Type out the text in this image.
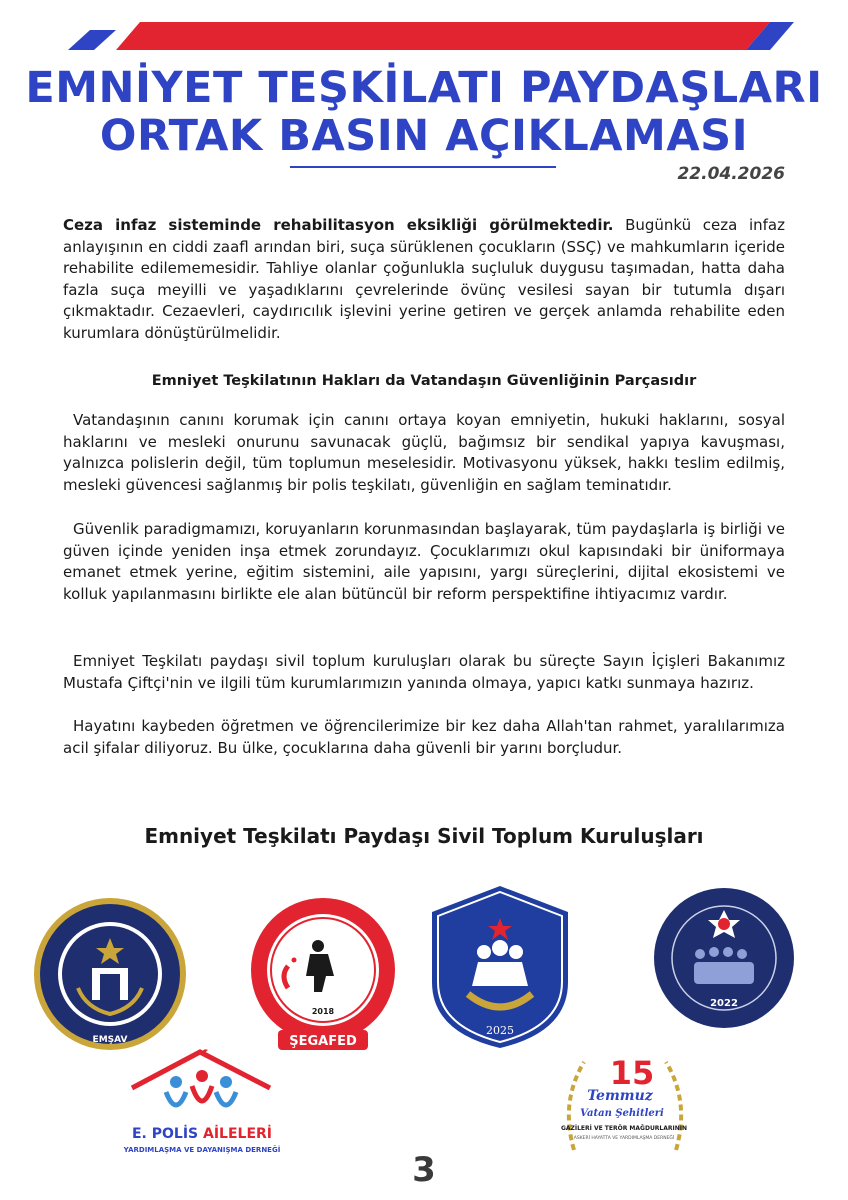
EMNİYET TEŞKİLATI PAYDAŞLARI
ORTAK BASIN AÇIKLAMASI
22.04.2026
Ceza infaz sisteminde rehabilitasyon eksikliği görülmektedir. Bugünkü ceza infaz anlayışının en ciddi zaafl arından biri, suça sürüklenen çocukların (SSÇ) ve mahkumların içeride rehabilite edilememesidir. Tahliye olanlar çoğunlukla suçluluk duygusu taşımadan, hatta daha fazla suça meyilli ve yaşadıklarını çevrelerinde övünç vesilesi sayan bir tutumla dışarı çıkmaktadır. Cezaevleri, caydırıcılık işlevini yerine getiren ve gerçek anlamda rehabilite eden kurumlara dönüştürülmelidir.
Emniyet Teşkilatının Hakları da Vatandaşın Güvenliğinin Parçasıdır
Vatandaşının canını korumak için canını ortaya koyan emniyetin, hukuki haklarını, sosyal haklarını ve mesleki onurunu savunacak güçlü, bağımsız bir sendikal yapıya kavuşması, yalnızca polislerin değil, tüm toplumun meselesidir. Motivasyonu yüksek, hakkı teslim edilmiş, mesleki güvencesi sağlanmış bir polis teşkilatı, güvenliğin en sağlam teminatıdır.
Güvenlik paradigmamızı, koruyanların korunmasından başlayarak, tüm paydaşlarla iş birliği ve güven içinde yeniden inşa etmek zorundayız. Çocuklarımızı okul kapısındaki bir üniformaya emanet etmek yerine, eğitim sistemini, aile yapısını, yargı süreçlerini, dijital ekosistemi ve kolluk yapılanmasını birlikte ele alan bütüncül bir reform perspektifine ihtiyacımız vardır.
Emniyet Teşkilatı paydaşı sivil toplum kuruluşları olarak bu süreçte Sayın İçişleri Bakanımız Mustafa Çiftçi'nin ve ilgili tüm kurumlarımızın yanında olmaya, yapıcı katkı sunmaya hazırız.
Hayatını kaybeden öğretmen ve öğrencilerimize bir kez daha Allah'tan rahmet, yaralılarımıza acil şifalar diliyoruz. Bu ülke, çocuklarına daha güvenli bir yarını borçludur.
Emniyet Teşkilatı Paydaşı Sivil Toplum Kuruluşları
EMŞAV
2018
ŞEGAFED
2025
2022
E. POLİS AİLELERİ
YARDIMLAŞMA VE DAYANIŞMA DERNEĞİ
15
Temmuz
Vatan Şehitleri
GAZİLERİ VE TERÖR MAĞDURLARININ
ASKERİ HAYATTA VE YARDIMLAŞMA DERNEĞİ
3
